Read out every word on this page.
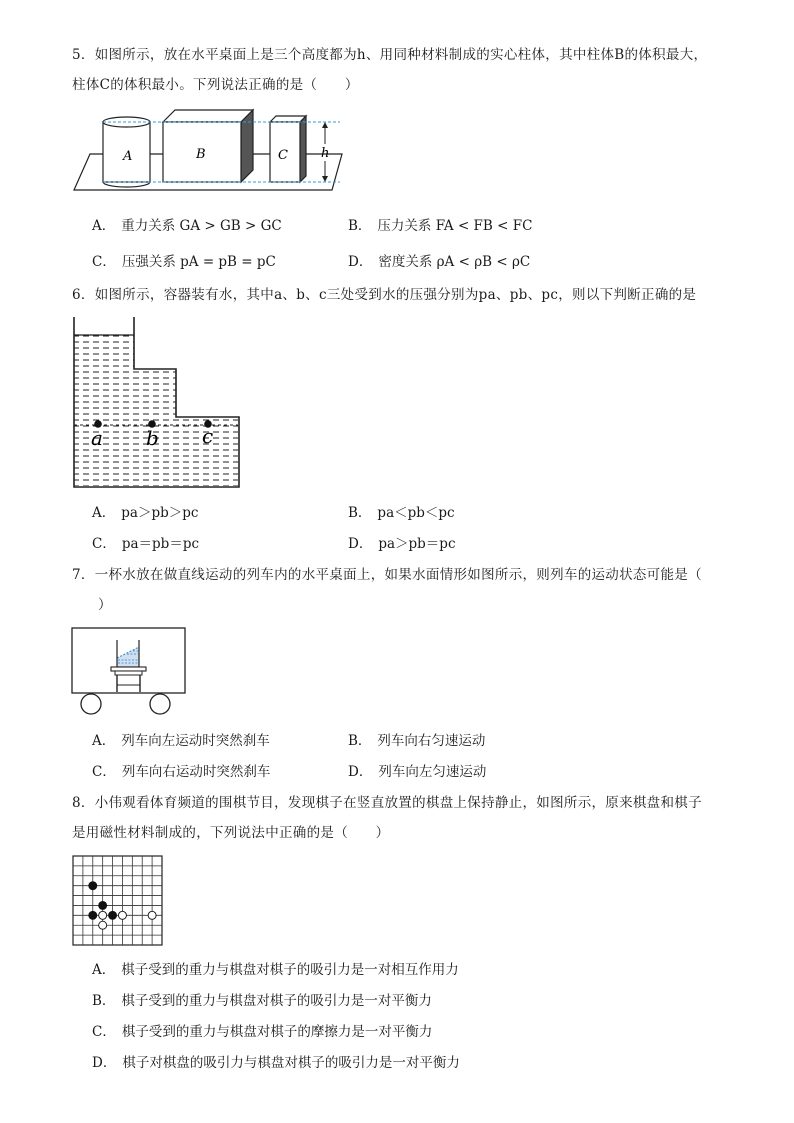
5．如图所示，放在水平桌面上是三个高度都为h、用同种材料制成的实心柱体，其中柱体B的体积最大，
柱体C的体积最小。下列说法正确的是（　　）
A	B	C	h
A． 重力关系 GA > GB > GC	B． 压力关系 FA < FB < FC
C． 压强关系 pA = pB = pC	D． 密度关系 ρA < ρB < ρC
6．如图所示，容器装有水，其中a、b、c三处受到水的压强分别为pa、pb、pc，则以下判断正确的是
a b c
A． pa＞pb＞pc	B． pa＜pb＜pc
C． pa＝pb＝pc	D． pa＞pb＝pc
7．一杯水放在做直线运动的列车内的水平桌面上，如果水面情形如图所示，则列车的运动状态可能是（
）
A． 列车向左运动时突然刹车	B． 列车向右匀速运动
C． 列车向右运动时突然刹车	D． 列车向左匀速运动
8．小伟观看体育频道的围棋节目，发现棋子在竖直放置的棋盘上保持静止，如图所示，原来棋盘和棋子
是用磁性材料制成的，下列说法中正确的是（　　）
A． 棋子受到的重力与棋盘对棋子的吸引力是一对相互作用力
B． 棋子受到的重力与棋盘对棋子的吸引力是一对平衡力
C． 棋子受到的重力与棋盘对棋子的摩擦力是一对平衡力
D． 棋子对棋盘的吸引力与棋盘对棋子的吸引力是一对平衡力
